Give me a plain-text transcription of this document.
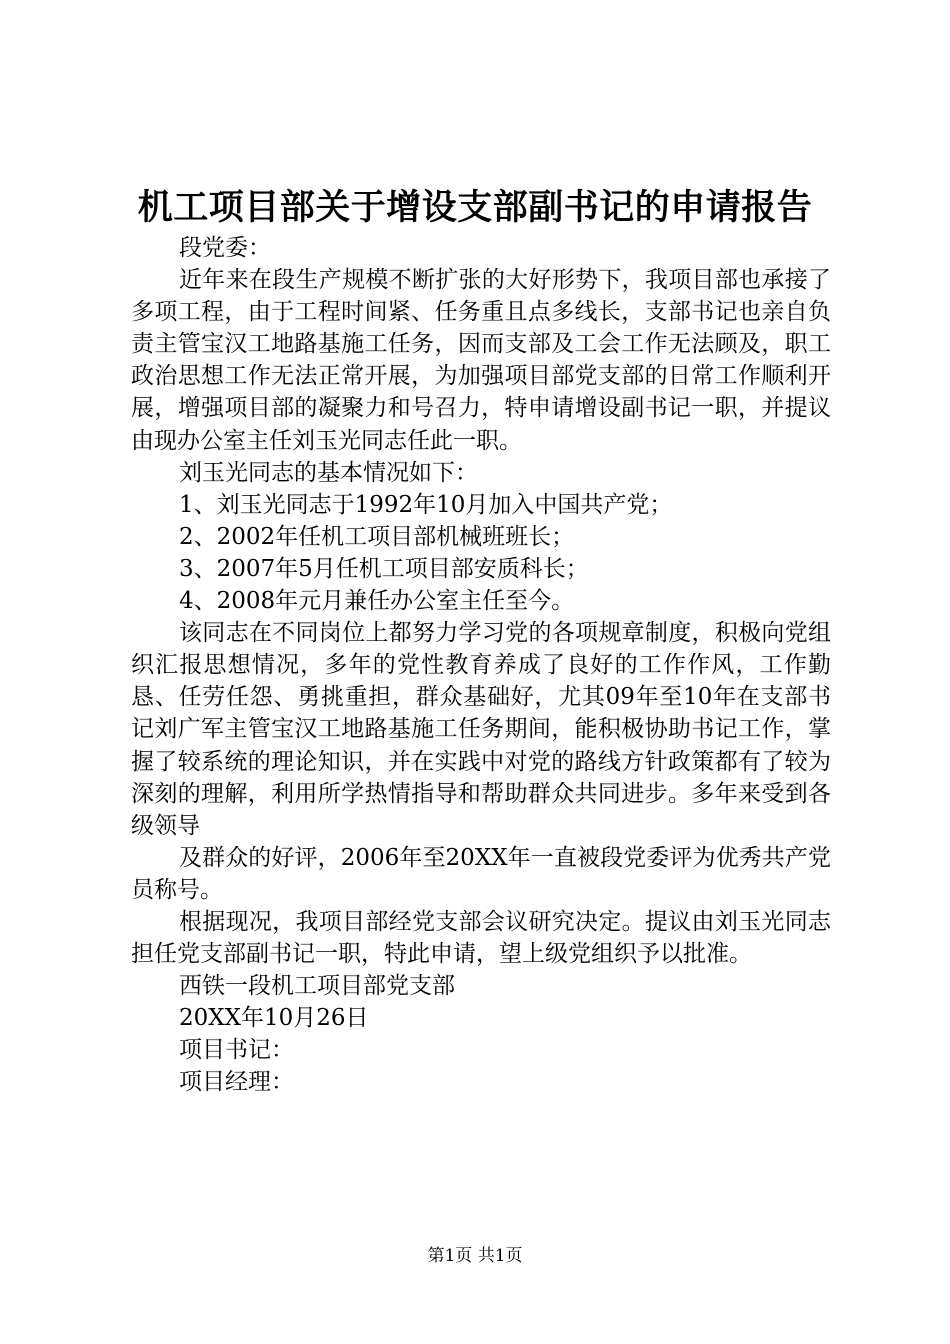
机工项目部关于增设支部副书记的申请报告

段党委：

近年来在段生产规模不断扩张的大好形势下，我项目部也承接了多项工程，由于工程时间紧、任务重且点多线长，支部书记也亲自负责主管宝汉工地路基施工任务，因而支部及工会工作无法顾及，职工政治思想工作无法正常开展，为加强项目部党支部的日常工作顺利开展，增强项目部的凝聚力和号召力，特申请增设副书记一职，并提议由现办公室主任刘玉光同志任此一职。

刘玉光同志的基本情况如下：

1、刘玉光同志于1992年10月加入中国共产党；

2、2002年任机工项目部机械班班长；

3、2007年5月任机工项目部安质科长；

4、2008年元月兼任办公室主任至今。

该同志在不同岗位上都努力学习党的各项规章制度，积极向党组织汇报思想情况，多年的党性教育养成了良好的工作作风，工作勤恳、任劳任怨、勇挑重担，群众基础好，尤其09年至10年在支部书记刘广军主管宝汉工地路基施工任务期间，能积极协助书记工作，掌握了较系统的理论知识，并在实践中对党的路线方针政策都有了较为深刻的理解，利用所学热情指导和帮助群众共同进步。多年来受到各级领导

及群众的好评，2006年至20XX年一直被段党委评为优秀共产党员称号。

根据现况，我项目部经党支部会议研究决定。提议由刘玉光同志担任党支部副书记一职，特此申请，望上级党组织予以批准。

西铁一段机工项目部党支部

20XX年10月26日

项目书记：

项目经理：

第1页 共1页
